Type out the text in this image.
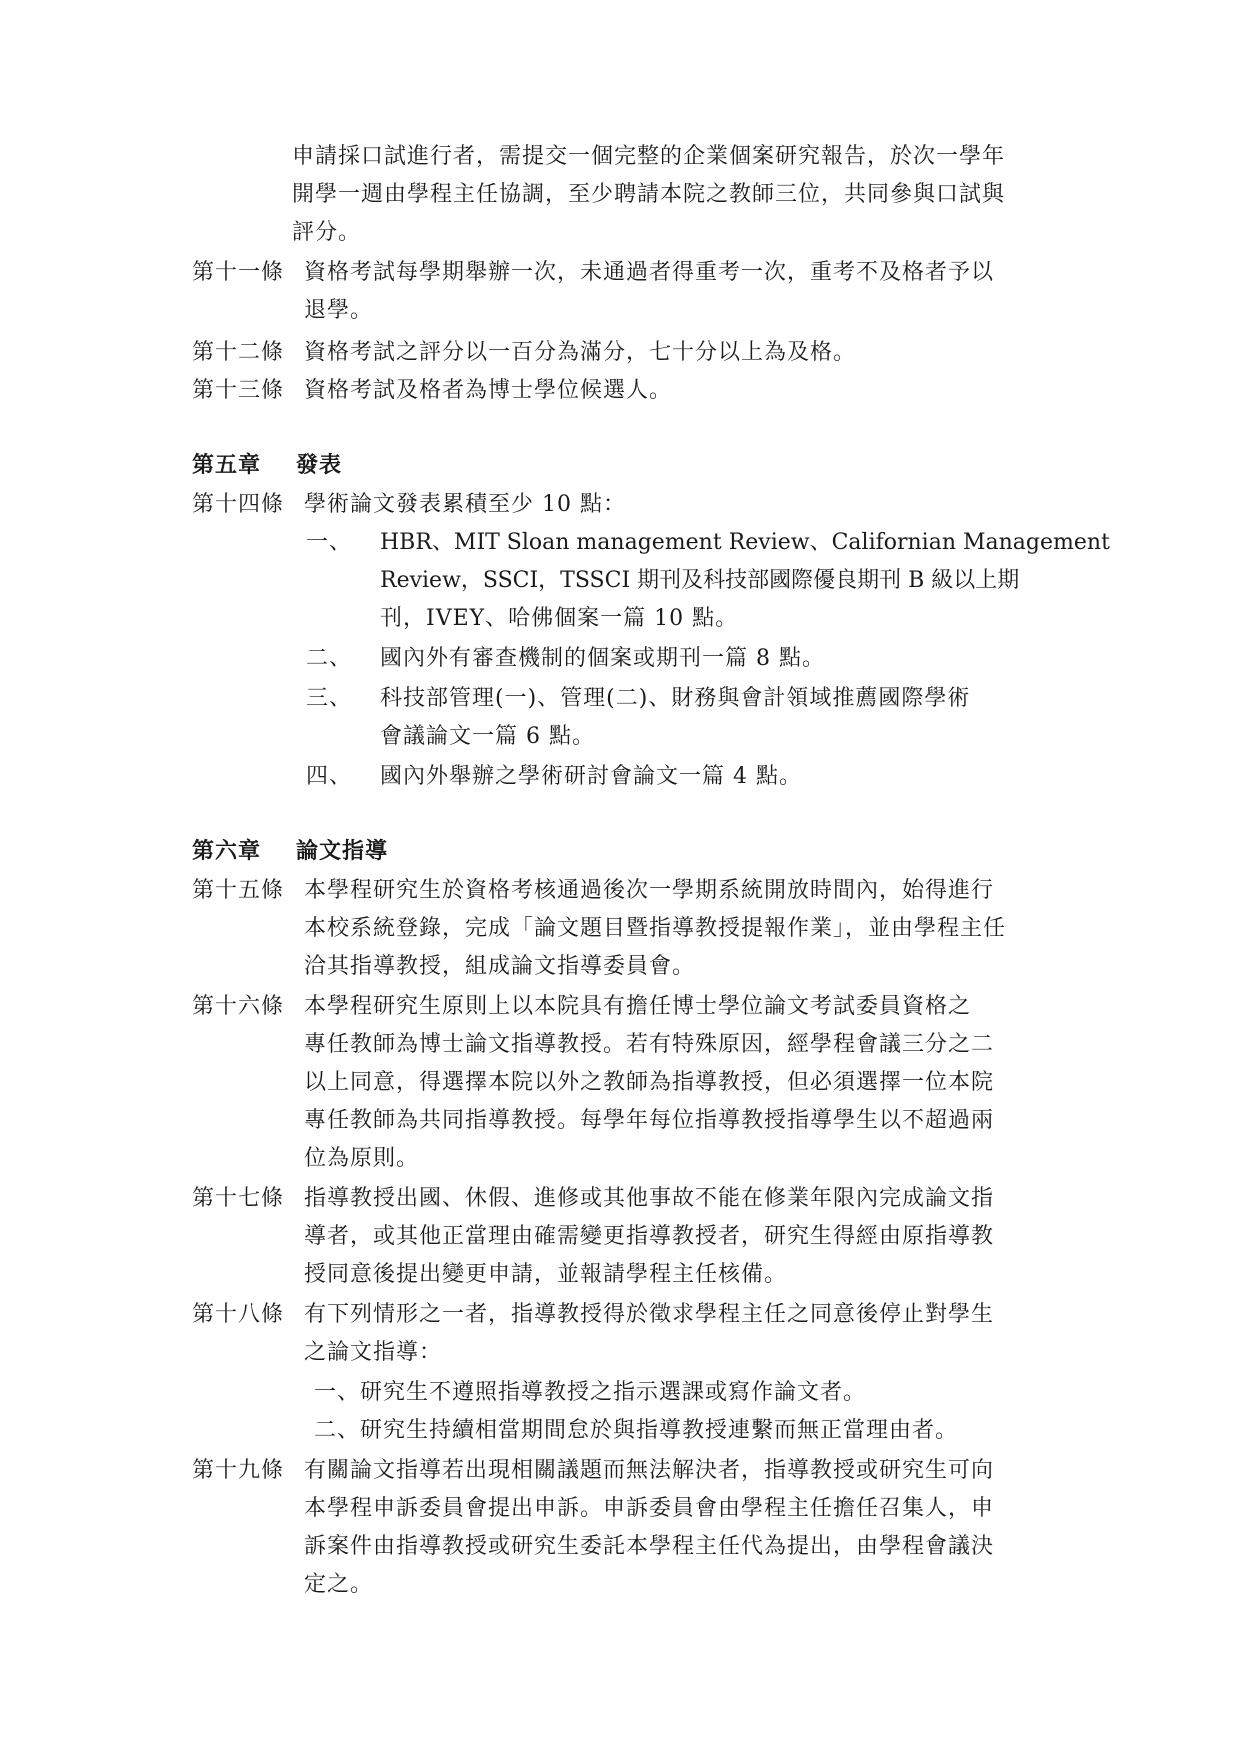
申請採口試進行者，需提交一個完整的企業個案研究報告，於次一學年
開學一週由學程主任協調，至少聘請本院之教師三位，共同參與口試與
評分。
第十一條 資格考試每學期舉辦一次，未通過者得重考一次，重考不及格者予以
退學。
第十二條 資格考試之評分以一百分為滿分，七十分以上為及格。
第十三條 資格考試及格者為博士學位候選人。
第五章 發表
第十四條 學術論文發表累積至少 10 點：
一、 HBR、MIT Sloan management Review、Californian Management
Review，SSCI，TSSCI 期刊及科技部國際優良期刊 B 級以上期
刊，IVEY、哈佛個案一篇 10 點。
二、 國內外有審查機制的個案或期刊一篇 8 點。
三、 科技部管理(一)、管理(二)、財務與會計領域推薦國際學術
會議論文一篇 6 點。
四、 國內外舉辦之學術研討會論文一篇 4 點。
第六章 論文指導
第十五條 本學程研究生於資格考核通過後次一學期系統開放時間內，始得進行
本校系統登錄，完成「論文題目暨指導教授提報作業」，並由學程主任
洽其指導教授，組成論文指導委員會。
第十六條 本學程研究生原則上以本院具有擔任博士學位論文考試委員資格之
專任教師為博士論文指導教授。若有特殊原因，經學程會議三分之二
以上同意，得選擇本院以外之教師為指導教授，但必須選擇一位本院
專任教師為共同指導教授。每學年每位指導教授指導學生以不超過兩
位為原則。
第十七條 指導教授出國、休假、進修或其他事故不能在修業年限內完成論文指
導者，或其他正當理由確需變更指導教授者，研究生得經由原指導教
授同意後提出變更申請，並報請學程主任核備。
第十八條 有下列情形之一者，指導教授得於徵求學程主任之同意後停止對學生
之論文指導：
一、研究生不遵照指導教授之指示選課或寫作論文者。
二、研究生持續相當期間怠於與指導教授連繫而無正當理由者。
第十九條 有關論文指導若出現相關議題而無法解決者，指導教授或研究生可向
本學程申訴委員會提出申訴。申訴委員會由學程主任擔任召集人，申
訴案件由指導教授或研究生委託本學程主任代為提出，由學程會議決
定之。
